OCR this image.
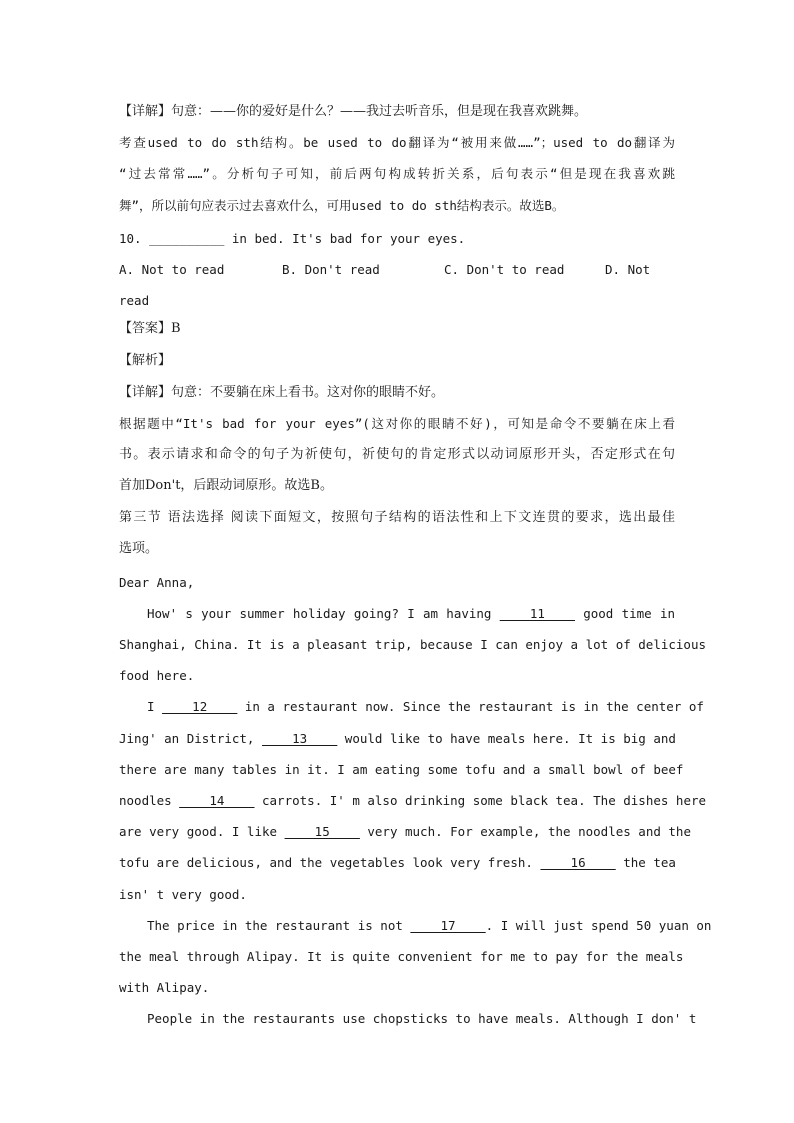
【详解】句意：——你的爱好是什么？——我过去听音乐，但是现在我喜欢跳舞。
考查used to do sth结构。be used to do翻译为“被用来做……”；used to do翻译为
“过去常常……”。分析句子可知，前后两句构成转折关系，后句表示“但是现在我喜欢跳
舞”，所以前句应表示过去喜欢什么，可用used to do sth结构表示。故选B。
10. __________ in bed. It's bad for your eyes.
A. Not to read	B. Don't read	C. Don't to read	D. Not
read
【答案】B
【解析】
【详解】句意：不要躺在床上看书。这对你的眼睛不好。
根据题中“It's bad for your eyes”(这对你的眼睛不好)，可知是命令不要躺在床上看
书。表示请求和命令的句子为祈使句，祈使句的肯定形式以动词原形开头，否定形式在句
首加Don't，后跟动词原形。故选B。
第三节 语法选择 阅读下面短文，按照句子结构的语法性和上下文连贯的要求，选出最佳
选项。
Dear Anna,
How' s your summer holiday going? I am having ____11____ good time in
Shanghai, China. It is a pleasant trip, because I can enjoy a lot of delicious
food here.
I ____12____ in a restaurant now. Since the restaurant is in the center of
Jing' an District, ____13____ would like to have meals here. It is big and
there are many tables in it. I am eating some tofu and a small bowl of beef
noodles ____14____ carrots. I' m also drinking some black tea. The dishes here
are very good. I like ____15____ very much. For example, the noodles and the
tofu are delicious, and the vegetables look very fresh. ____16____ the tea
isn' t very good.
The price in the restaurant is not ____17____. I will just spend 50 yuan on
the meal through Alipay. It is quite convenient for me to pay for the meals
with Alipay.
People in the restaurants use chopsticks to have meals. Although I don' t
